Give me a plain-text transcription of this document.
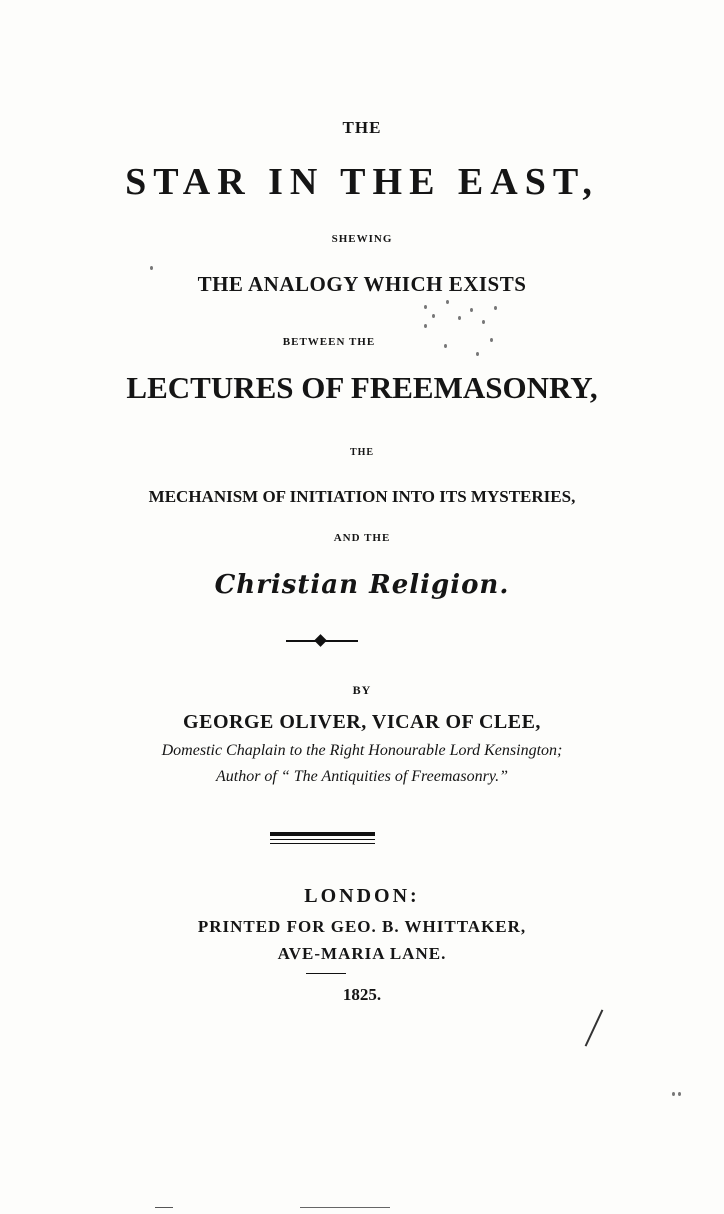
THE
STAR IN THE EAST,
SHEWING
THE ANALOGY WHICH EXISTS
BETWEEN THE
LECTURES OF FREEMASONRY,
THE
MECHANISM OF INITIATION INTO ITS MYSTERIES,
AND THE
Christian Religion.
BY
GEORGE OLIVER, VICAR OF CLEE,
Domestic Chaplain to the Right Honourable Lord Kensington;
Author of “ The Antiquities of Freemasonry.”
LONDON:
PRINTED FOR GEO. B. WHITTAKER,
AVE-MARIA LANE.
1825.
